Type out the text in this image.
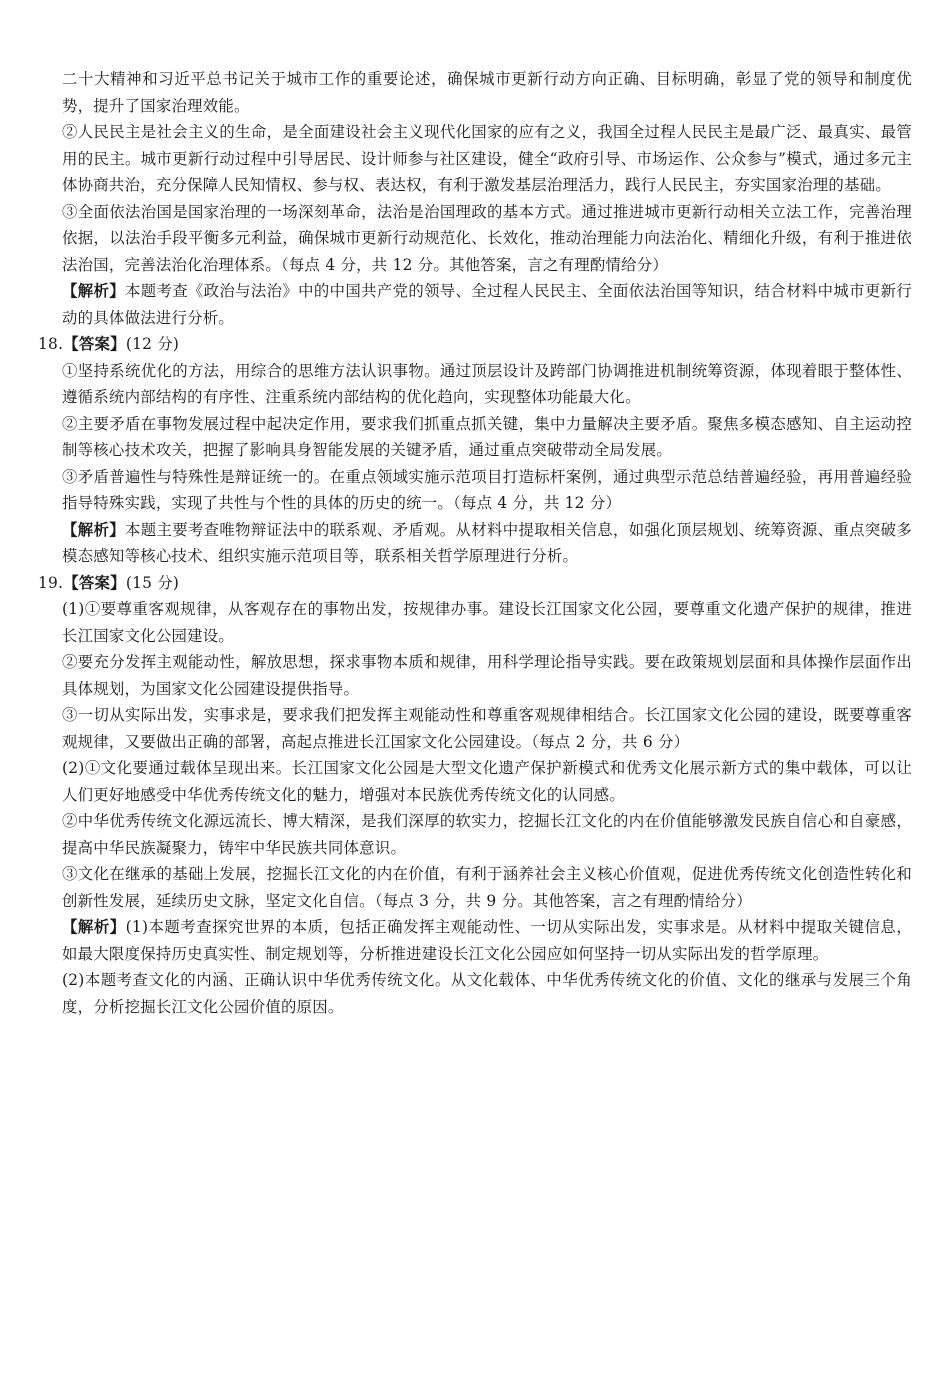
二十大精神和习近平总书记关于城市工作的重要论述，确保城市更新行动方向正确、目标明确，彰显了党的领导和制度优势，提升了国家治理效能。

②人民民主是社会主义的生命，是全面建设社会主义现代化国家的应有之义，我国全过程人民民主是最广泛、最真实、最管用的民主。城市更新行动过程中引导居民、设计师参与社区建设，健全“政府引导、市场运作、公众参与”模式，通过多元主体协商共治，充分保障人民知情权、参与权、表达权，有利于激发基层治理活力，践行人民民主，夯实国家治理的基础。

③全面依法治国是国家治理的一场深刻革命，法治是治国理政的基本方式。通过推进城市更新行动相关立法工作，完善治理依据，以法治手段平衡多元利益，确保城市更新行动规范化、长效化，推动治理能力向法治化、精细化升级，有利于推进依法治国，完善法治化治理体系。（每点 4 分，共 12 分。其他答案，言之有理酌情给分）

【解析】本题考查《政治与法治》中的中国共产党的领导、全过程人民民主、全面依法治国等知识，结合材料中城市更新行动的具体做法进行分析。

18.【答案】(12 分)

①坚持系统优化的方法，用综合的思维方法认识事物。通过顶层设计及跨部门协调推进机制统筹资源，体现着眼于整体性、遵循系统内部结构的有序性、注重系统内部结构的优化趋向，实现整体功能最大化。

②主要矛盾在事物发展过程中起决定作用，要求我们抓重点抓关键，集中力量解决主要矛盾。聚焦多模态感知、自主运动控制等核心技术攻关，把握了影响具身智能发展的关键矛盾，通过重点突破带动全局发展。

③矛盾普遍性与特殊性是辩证统一的。在重点领域实施示范项目打造标杆案例，通过典型示范总结普遍经验，再用普遍经验指导特殊实践，实现了共性与个性的具体的历史的统一。（每点 4 分，共 12 分）

【解析】本题主要考查唯物辩证法中的联系观、矛盾观。从材料中提取相关信息，如强化顶层规划、统筹资源、重点突破多模态感知等核心技术、组织实施示范项目等，联系相关哲学原理进行分析。

19.【答案】(15 分)

(1)①要尊重客观规律，从客观存在的事物出发，按规律办事。建设长江国家文化公园，要尊重文化遗产保护的规律，推进长江国家文化公园建设。

②要充分发挥主观能动性，解放思想，探求事物本质和规律，用科学理论指导实践。要在政策规划层面和具体操作层面作出具体规划，为国家文化公园建设提供指导。

③一切从实际出发，实事求是，要求我们把发挥主观能动性和尊重客观规律相结合。长江国家文化公园的建设，既要尊重客观规律，又要做出正确的部署，高起点推进长江国家文化公园建设。（每点 2 分，共 6 分）

(2)①文化要通过载体呈现出来。长江国家文化公园是大型文化遗产保护新模式和优秀文化展示新方式的集中载体，可以让人们更好地感受中华优秀传统文化的魅力，增强对本民族优秀传统文化的认同感。

②中华优秀传统文化源远流长、博大精深，是我们深厚的软实力，挖掘长江文化的内在价值能够激发民族自信心和自豪感，提高中华民族凝聚力，铸牢中华民族共同体意识。

③文化在继承的基础上发展，挖掘长江文化的内在价值，有利于涵养社会主义核心价值观，促进优秀传统文化创造性转化和创新性发展，延续历史文脉，坚定文化自信。（每点 3 分，共 9 分。其他答案，言之有理酌情给分）

【解析】(1)本题考查探究世界的本质，包括正确发挥主观能动性、一切从实际出发，实事求是。从材料中提取关键信息，如最大限度保持历史真实性、制定规划等，分析推进建设长江文化公园应如何坚持一切从实际出发的哲学原理。

(2)本题考查文化的内涵、正确认识中华优秀传统文化。从文化载体、中华优秀传统文化的价值、文化的继承与发展三个角度，分析挖掘长江文化公园价值的原因。
